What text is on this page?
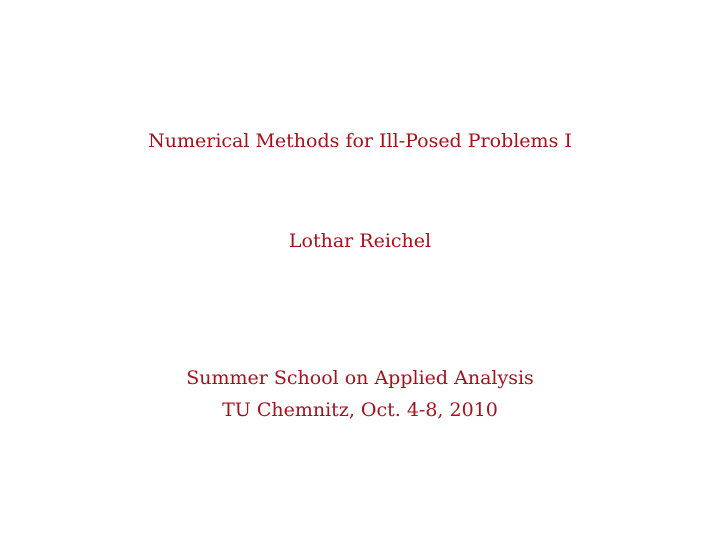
Numerical Methods for Ill-Posed Problems I
Lothar Reichel
Summer School on Applied Analysis
TU Chemnitz, Oct. 4-8, 2010
